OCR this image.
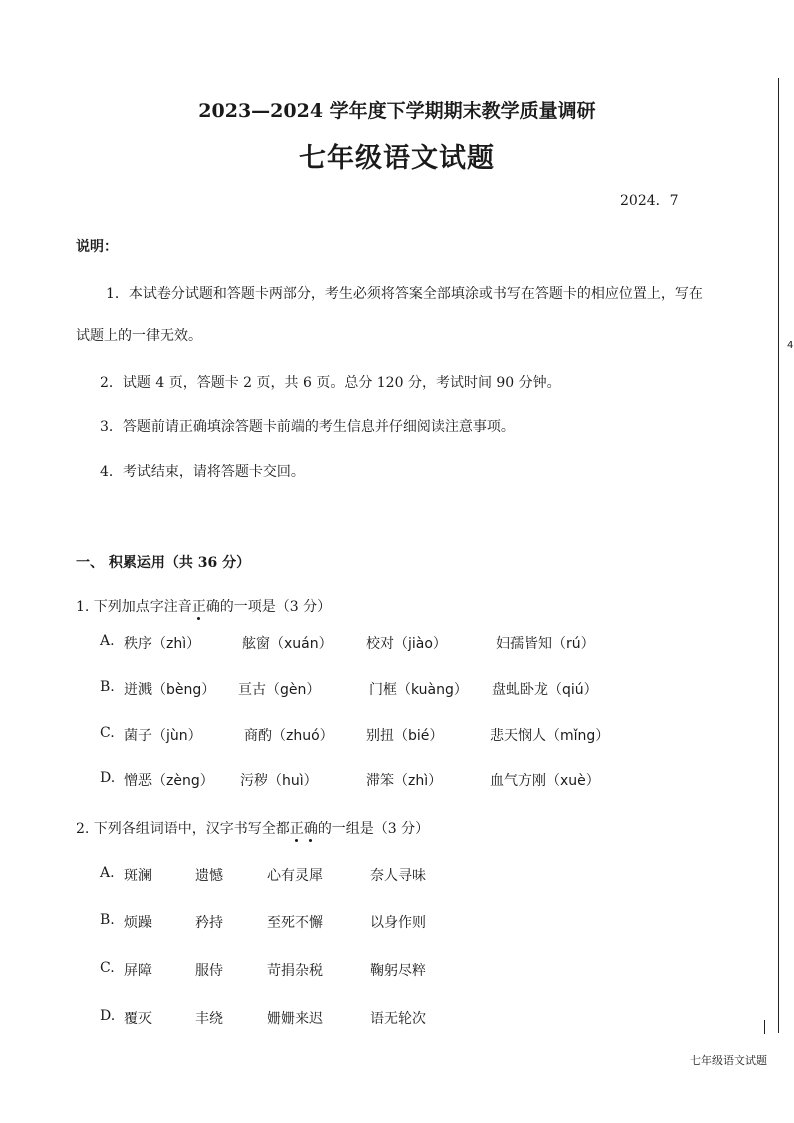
4
2023—2024 学年度下学期期末教学质量调研
七年级语文试题
2024．7
说明：
1．本试卷分试题和答题卡两部分，考生必须将答案全部填涂或书写在答题卡的相应位置上，写在
试题上的一律无效。
2．试题 4 页，答题卡 2 页，共 6 页。总分 120 分，考试时间 90 分钟。
3．答题前请正确填涂答题卡前端的考生信息并仔细阅读注意事项。
4．考试结束，请将答题卡交回。
一、 积累运用（共 36 分）
1. 下列加点字注音正确的一项是（3 分）
A. 秩序（zhì）	舷窗（xuán） 校对（jiào）	妇孺皆知（rú）
B. 迸溅（bèng） 亘古（gèn）	门框（kuàng） 盘虬卧龙（qiú）
C. 菌子（jùn）	商酌（zhuó） 别扭（bié）	悲天悯人（mǐng）
D. 憎恶（zèng） 污秽（huì）	滞笨（zhì）	血气方刚（xuè）
2. 下列各组词语中，汉字书写全都正确的一组是（3 分）
A. 斑澜	遗憾	心有灵犀	奈人寻味
B. 烦躁	矜持	至死不懈	以身作则
C. 屏障	服侍	苛捐杂税	鞠躬尽粹
D. 覆灭	丰绕	姗姗来迟	语无轮次
七年级语文试题
